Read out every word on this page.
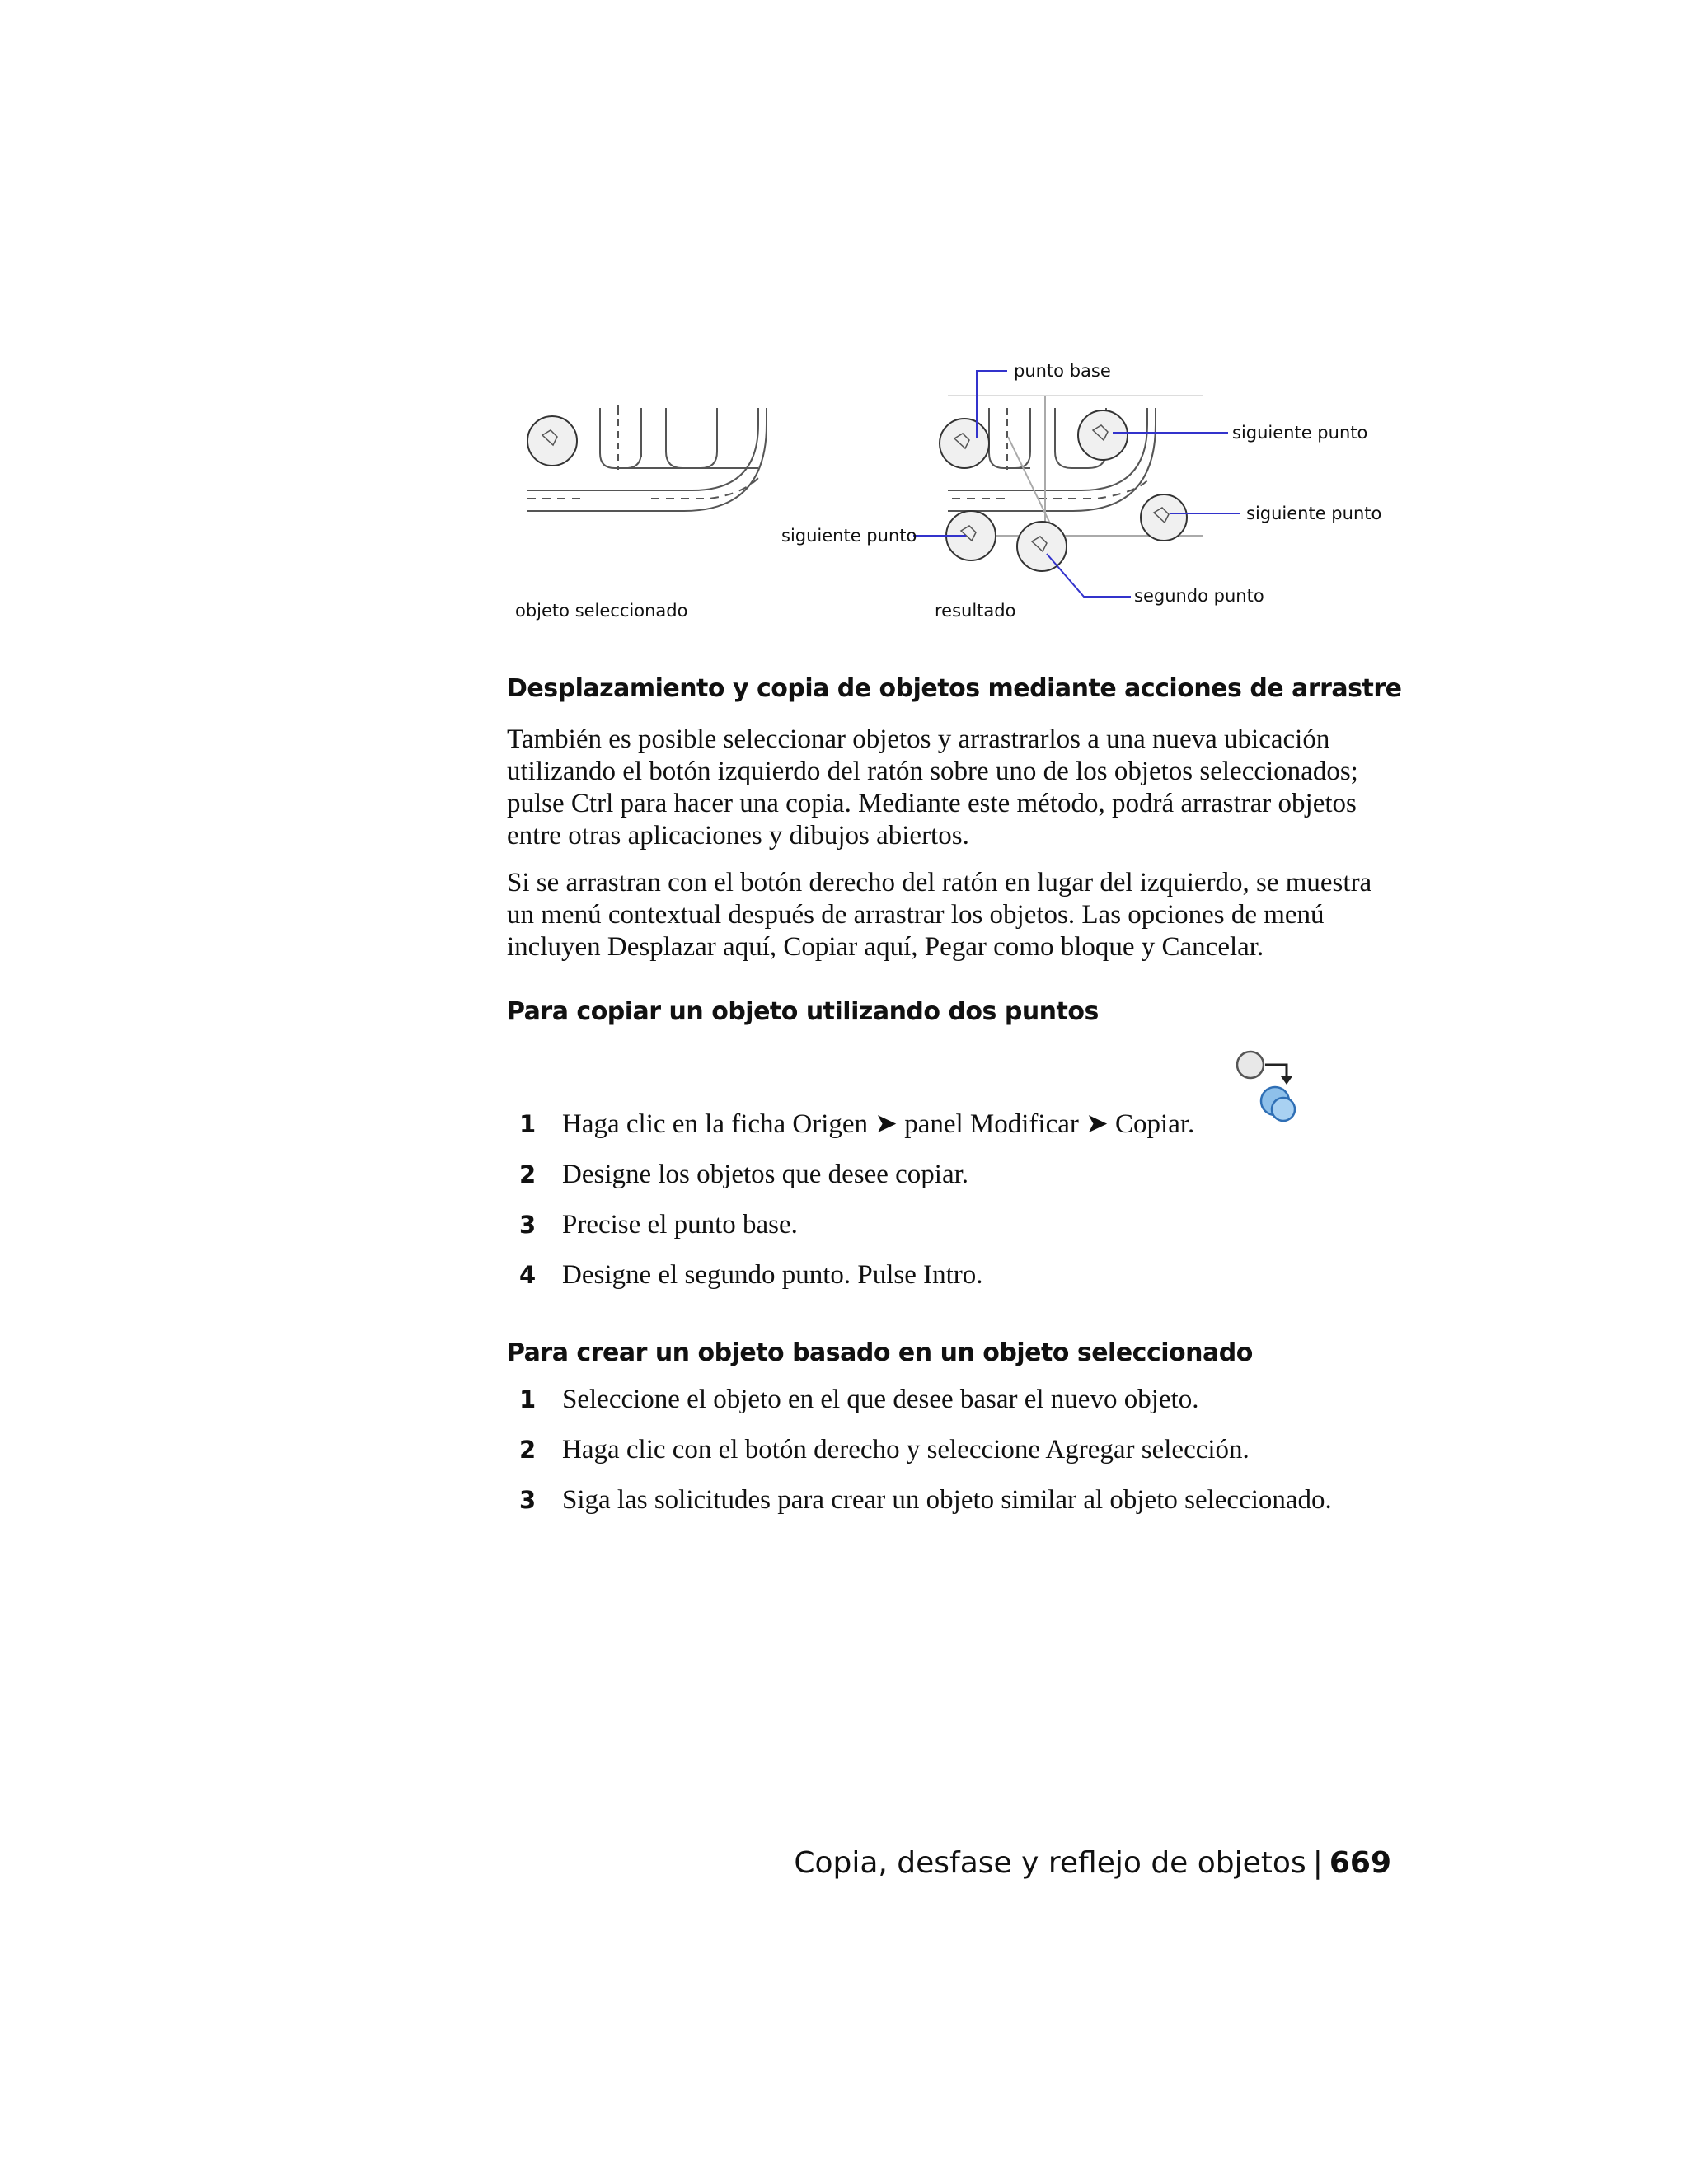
punto base
siguiente punto
siguiente punto
siguiente punto
segundo punto
objeto seleccionado	resultado
Desplazamiento y copia de objetos mediante acciones de arrastre

También es posible seleccionar objetos y arrastrarlos a una nueva ubicación utilizando el botón izquierdo del ratón sobre uno de los objetos seleccionados; pulse Ctrl para hacer una copia. Mediante este método, podrá arrastrar objetos entre otras aplicaciones y dibujos abiertos.

Si se arrastran con el botón derecho del ratón en lugar del izquierdo, se muestra un menú contextual después de arrastrar los objetos. Las opciones de menú incluyen Desplazar aquí, Copiar aquí, Pegar como bloque y Cancelar.

Para copiar un objeto utilizando dos puntos
1 Haga clic en la ficha Origen ➤ panel Modificar ➤ Copiar.
2 Designe los objetos que desee copiar.
3 Precise el punto base.
4 Designe el segundo punto. Pulse Intro.
Para crear un objeto basado en un objeto seleccionado
1 Seleccione el objeto en el que desee basar el nuevo objeto.
2 Haga clic con el botón derecho y seleccione Agregar selección.
3 Siga las solicitudes para crear un objeto similar al objeto seleccionado.
Copia, desfase y reflejo de objetos | 669
